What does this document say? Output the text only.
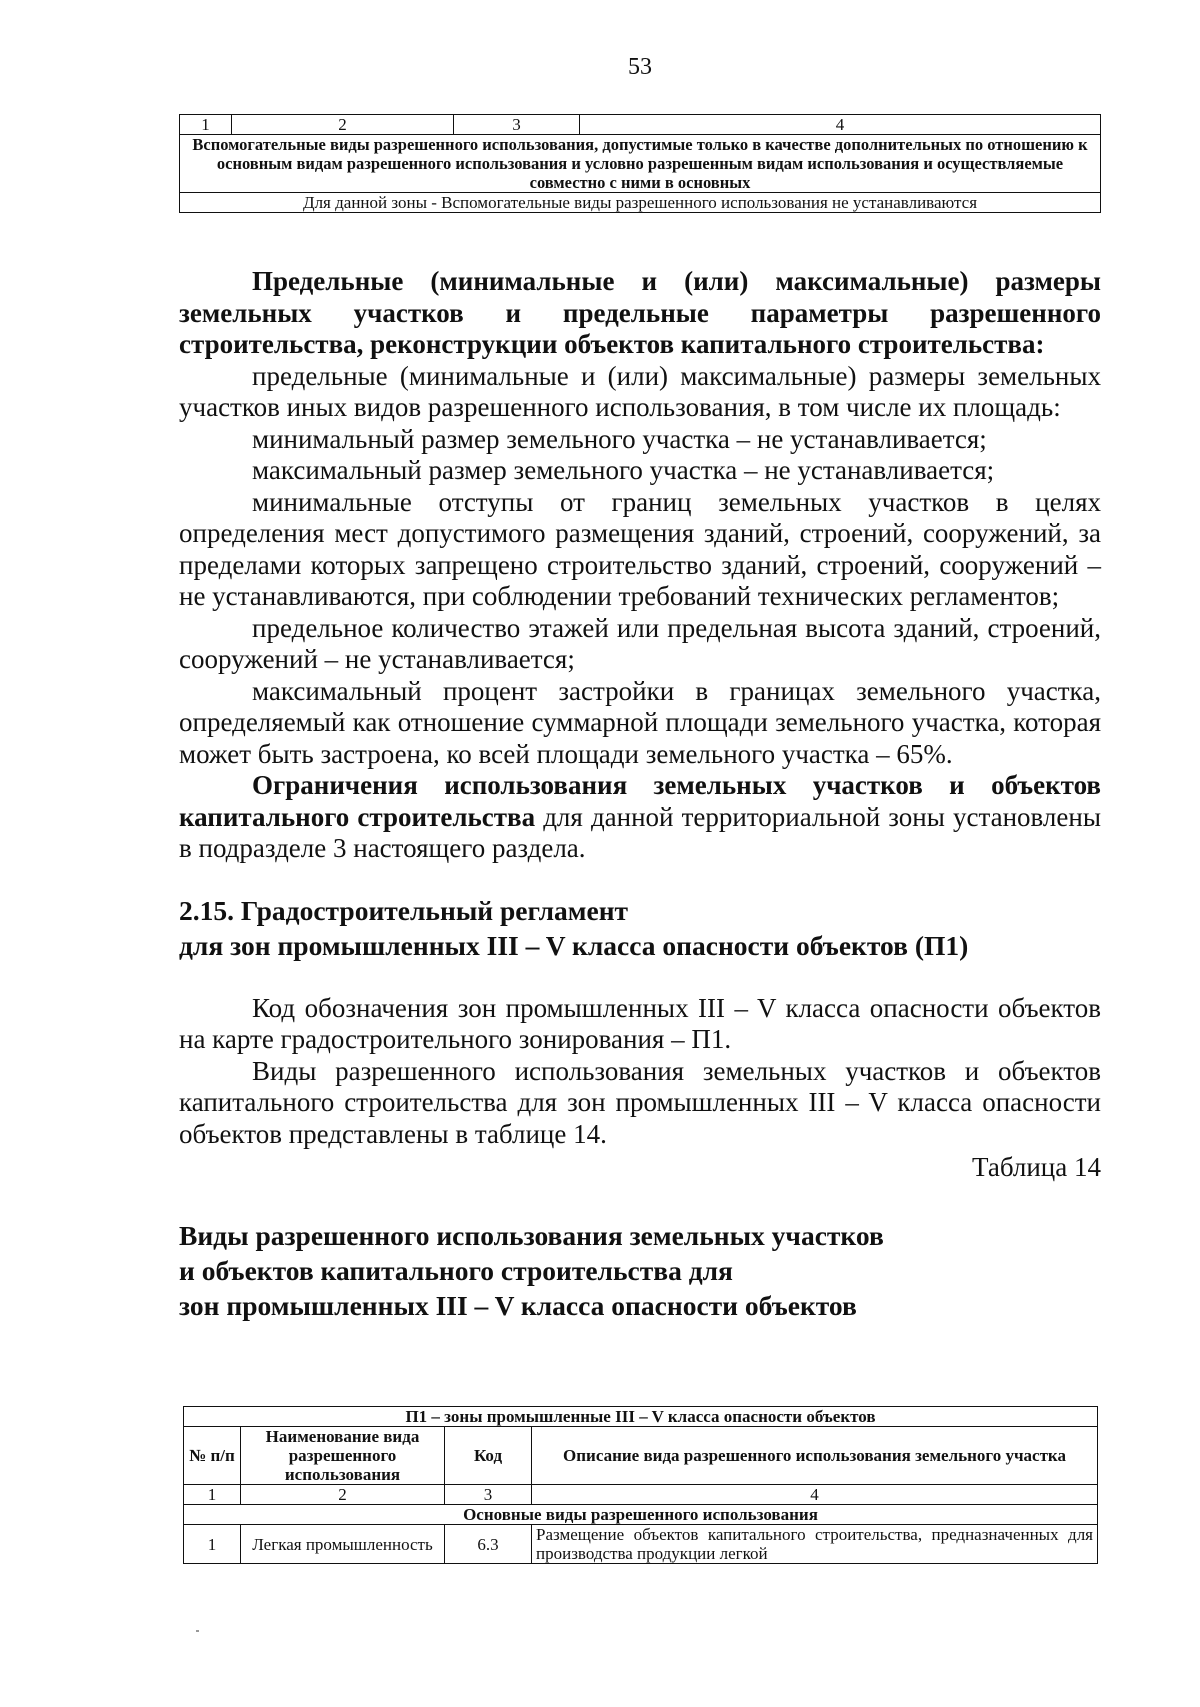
53
1	2	3	4
Вспомогательные виды разрешенного использования, допустимые только в качестве дополнительных по отношению к основным видам разрешенного использования и условно разрешенным видам использования и осуществляемые совместно с ними в основных
Для данной зоны - Вспомогательные виды разрешенного использования не устанавливаются

Предельные (минимальные и (или) максимальные) размеры земельных участков и предельные параметры разрешенного строительства, реконструкции объектов капитального строительства:

предельные (минимальные и (или) максимальные) размеры земельных участков иных видов разрешенного использования, в том числе их площадь:

минимальный размер земельного участка – не устанавливается;

максимальный размер земельного участка – не устанавливается;

минимальные отступы от границ земельных участков в целях определения мест допустимого размещения зданий, строений, сооружений, за пределами которых запрещено строительство зданий, строений, сооружений – не устанавливаются, при соблюдении требований технических регламентов;

предельное количество этажей или предельная высота зданий, строений, сооружений – не устанавливается;

максимальный процент застройки в границах земельного участка, определяемый как отношение суммарной площади земельного участка, которая может быть застроена, ко всей площади земельного участка – 65%.

Ограничения использования земельных участков и объектов капитального строительства для данной территориальной зоны установлены в подразделе 3 настоящего раздела.

2.15. Градостроительный регламент

для зон промышленных III – V класса опасности объектов (П1)

Код обозначения зон промышленных III – V класса опасности объектов на карте градостроительного зонирования – П1.

Виды разрешенного использования земельных участков и объектов капитального строительства для зон промышленных III – V класса опасности объектов представлены в таблице 14.

Таблица 14

Виды разрешенного использования земельных участков

и объектов капитального строительства для

зон промышленных III – V класса опасности объектов

П1 – зоны промышленные III – V класса опасности объектов			
№ п/п	Наименование вида разрешенного использования	Код	Описание вида разрешенного использования земельного участка
1	2	3	4
Основные виды разрешенного использования			
1	Легкая промышленность	6.3	Размещение объектов капитального строительства, предназначенных для производства продукции легкой
